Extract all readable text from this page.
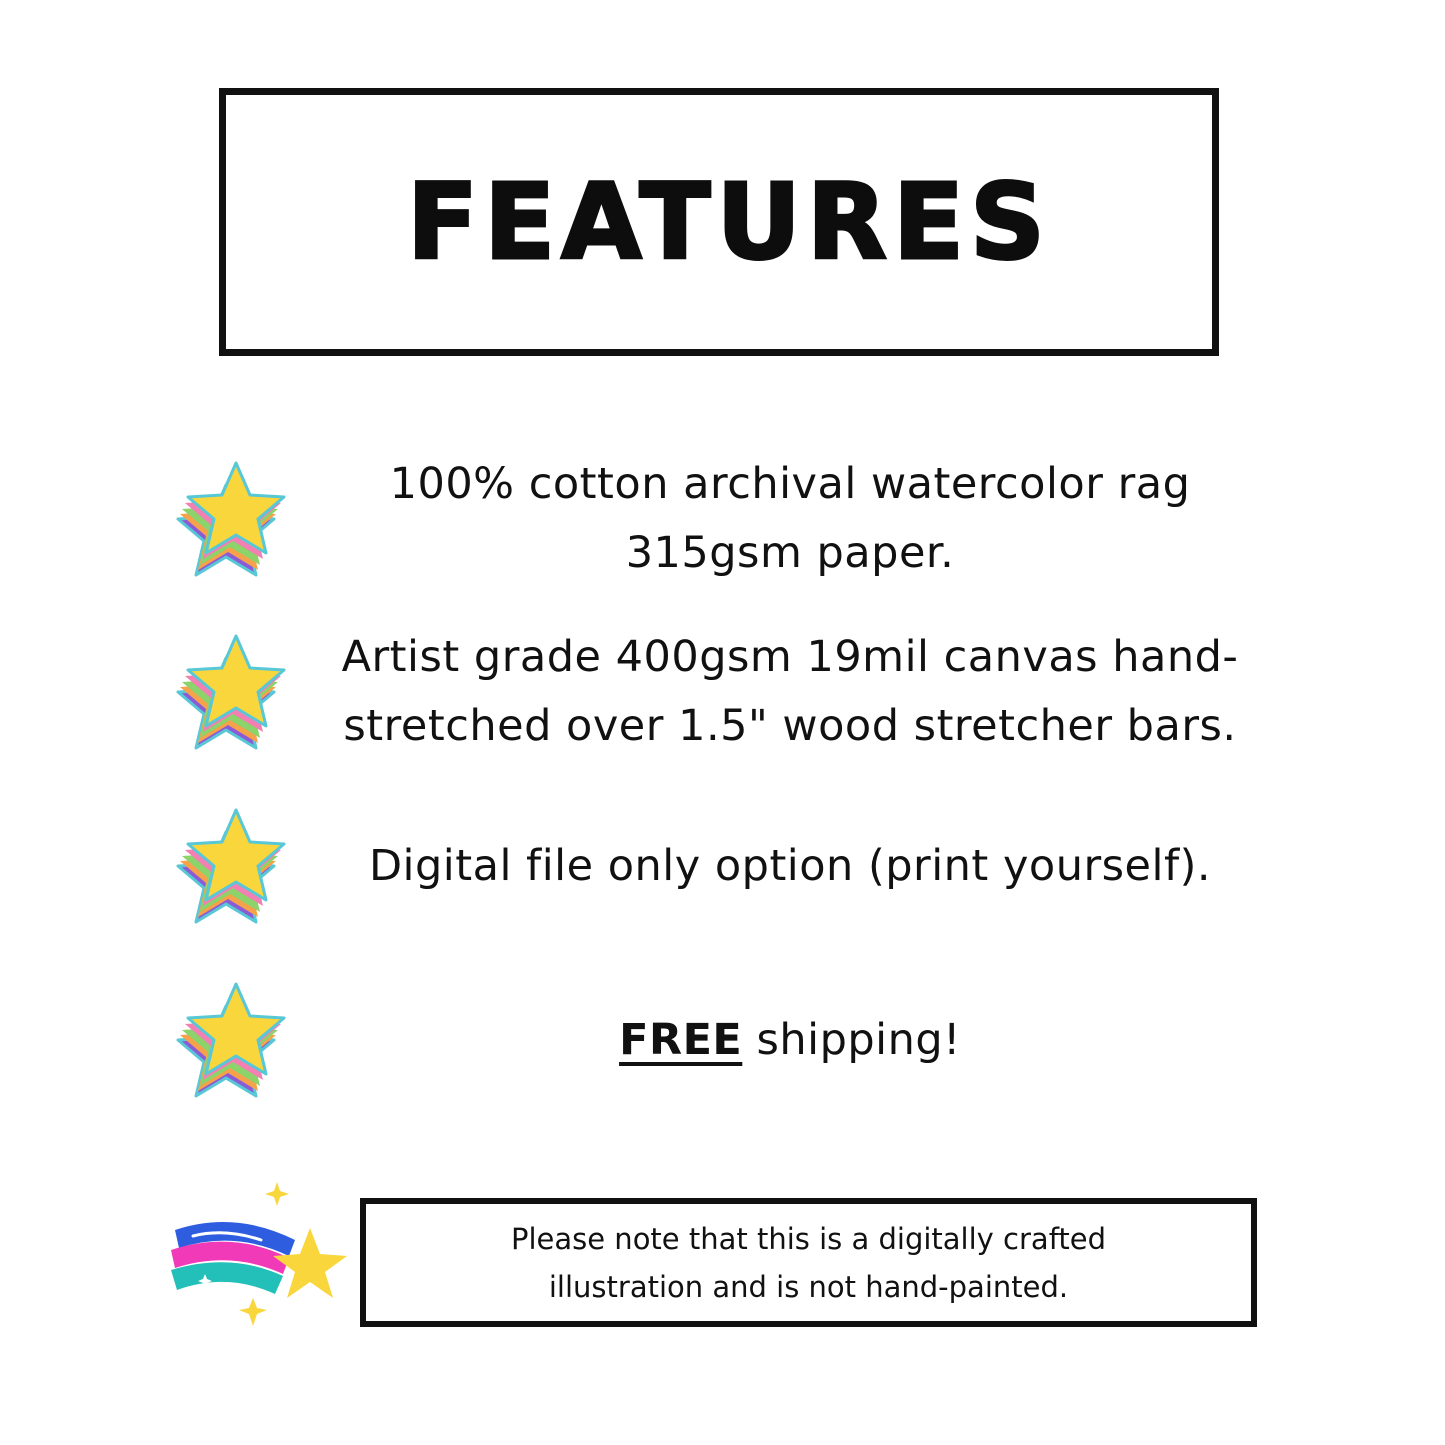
FEATURES
100% cotton archival watercolor rag
315gsm paper.
Artist grade 400gsm 19mil canvas hand-
stretched over 1.5" wood stretcher bars.
Digital file only option (print yourself).
FREE shipping!
Please note that this is a digitally crafted
illustration and is not hand-painted.
